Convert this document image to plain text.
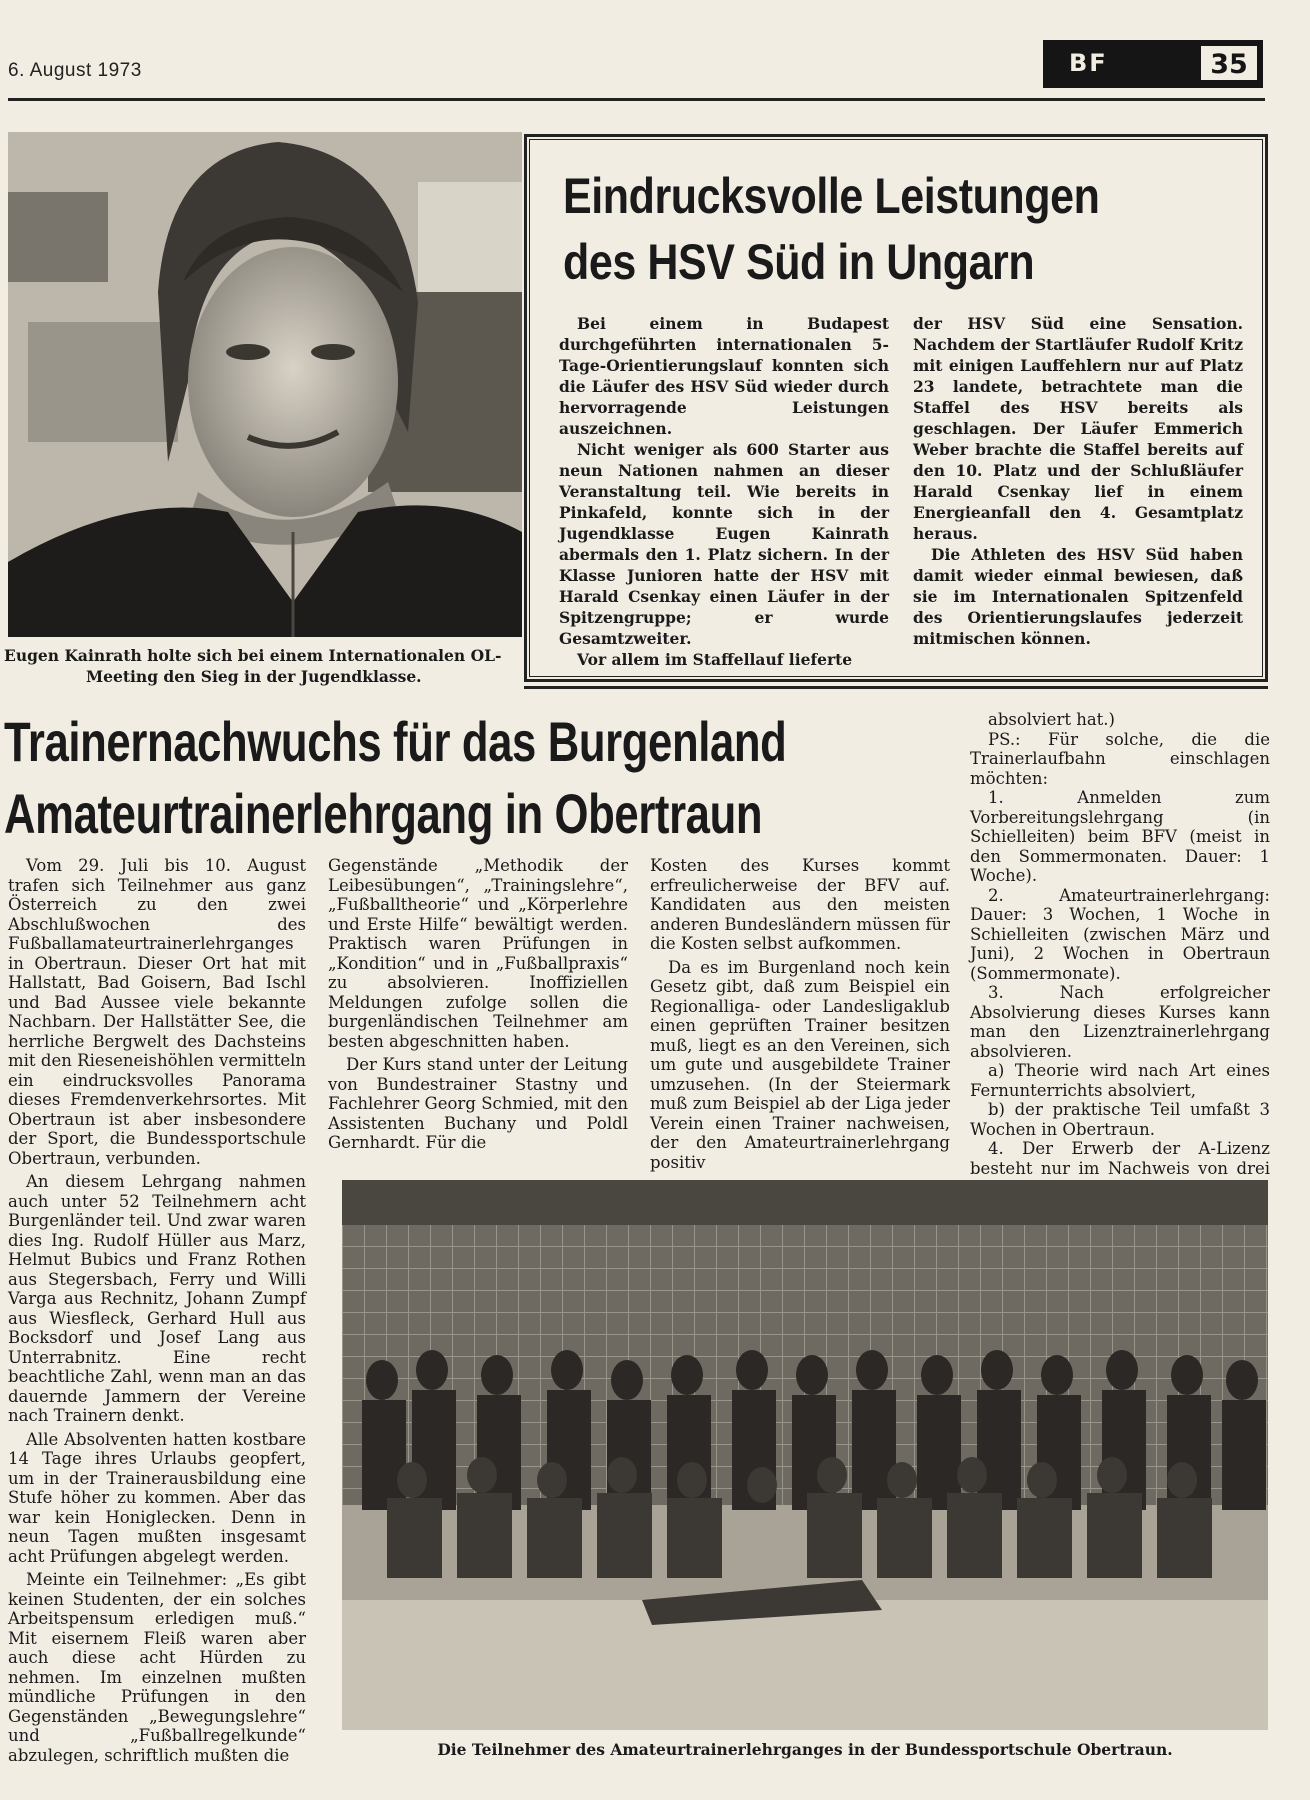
6. August 1973	BF	35
Eugen Kainrath holte sich bei einem Internationalen OL-
Meeting den Sieg in der Jugendklasse.
Eindrucksvolle Leistungen
des HSV Süd in Ungarn

Bei einem in Budapest durchgeführten internationalen 5-Tage-Orientierungslauf konnten sich die Läufer des HSV Süd wieder durch hervorragende Leistungen auszeichnen.

Nicht weniger als 600 Starter aus neun Nationen nahmen an dieser Veranstaltung teil. Wie bereits in Pinkafeld, konnte sich in der Jugendklasse Eugen Kainrath abermals den 1. Platz sichern. In der Klasse Junioren hatte der HSV mit Harald Csenkay einen Läufer in der Spitzengruppe; er wurde Gesamtzweiter.

Vor allem im Staffellauf lieferte

der HSV Süd eine Sensation. Nachdem der Startläufer Rudolf Kritz mit einigen Lauffehlern nur auf Platz 23 landete, betrachtete man die Staffel des HSV bereits als geschlagen. Der Läufer Emmerich Weber brachte die Staffel bereits auf den 10. Platz und der Schlußläufer Harald Csenkay lief in einem Energieanfall den 4. Gesamtplatz heraus.

Die Athleten des HSV Süd haben damit wieder einmal bewiesen, daß sie im Internationalen Spitzenfeld des Orientierungslaufes jederzeit mitmischen können.

Trainernachwuchs für das Burgenland
Amateurtrainerlehrgang in Obertraun

Vom 29. Juli bis 10. August trafen sich Teilnehmer aus ganz Österreich zu den zwei Abschlußwochen des Fußballamateurtrainerlehrganges in Obertraun. Dieser Ort hat mit Hallstatt, Bad Goisern, Bad Ischl und Bad Aussee viele bekannte Nachbarn. Der Hallstätter See, die herrliche Bergwelt des Dachsteins mit den Rieseneishöhlen vermitteln ein eindrucksvolles Panorama dieses Fremdenverkehrsortes. Mit Obertraun ist aber insbesondere der Sport, die Bundessportschule Obertraun, verbunden.

An diesem Lehrgang nahmen auch unter 52 Teilnehmern acht Burgenländer teil. Und zwar waren dies Ing. Rudolf Hüller aus Marz, Helmut Bubics und Franz Rothen aus Stegersbach, Ferry und Willi Varga aus Rechnitz, Johann Zumpf aus Wiesfleck, Gerhard Hull aus Bocksdorf und Josef Lang aus Unterrabnitz. Eine recht beachtliche Zahl, wenn man an das dauernde Jammern der Vereine nach Trainern denkt.

Alle Absolventen hatten kostbare 14 Tage ihres Urlaubs geopfert, um in der Trainerausbildung eine Stufe höher zu kommen. Aber das war kein Honiglecken. Denn in neun Tagen mußten insgesamt acht Prüfungen abgelegt werden.

Meinte ein Teilnehmer: „Es gibt keinen Studenten, der ein solches Arbeitspensum erledigen muß.“ Mit eisernem Fleiß waren aber auch diese acht Hürden zu nehmen. Im einzelnen mußten mündliche Prüfungen in den Gegenständen „Bewegungslehre“ und „Fußballregelkunde“ abzulegen, schriftlich mußten die

Gegenstände „Methodik der Leibesübungen“, „Trainingslehre“, „Fußballtheorie“ und „Körperlehre und Erste Hilfe“ bewältigt werden. Praktisch waren Prüfungen in „Kondition“ und in „Fußballpraxis“ zu absolvieren. Inoffiziellen Meldungen zufolge sollen die burgenländischen Teilnehmer am besten abgeschnitten haben.

Der Kurs stand unter der Leitung von Bundestrainer Stastny und Fachlehrer Georg Schmied, mit den Assistenten Buchany und Poldl Gernhardt. Für die

Kosten des Kurses kommt erfreulicherweise der BFV auf. Kandidaten aus den meisten anderen Bundesländern müssen für die Kosten selbst aufkommen.

Da es im Burgenland noch kein Gesetz gibt, daß zum Beispiel ein Regionalliga- oder Landesligaklub einen geprüften Trainer besitzen muß, liegt es an den Vereinen, sich um gute und ausgebildete Trainer umzusehen. (In der Steiermark muß zum Beispiel ab der Liga jeder Verein einen Trainer nachweisen, der den Amateurtrainerlehrgang positiv

absolviert hat.)

PS.: Für solche, die die Trainerlaufbahn einschlagen möchten:

1. Anmelden zum Vorbereitungslehrgang (in Schielleiten) beim BFV (meist in den Sommermonaten. Dauer: 1 Woche).

2. Amateurtrainerlehrgang: Dauer: 3 Wochen, 1 Woche in Schielleiten (zwischen März und Juni), 2 Wochen in Obertraun (Sommermonate).

3. Nach erfolgreicher Absolvierung dieses Kurses kann man den Lizenztrainerlehrgang absolvieren.

a) Theorie wird nach Art eines Fernunterrichts absolviert,

b) der praktische Teil umfaßt 3 Wochen in Obertraun.

4. Der Erwerb der A-Lizenz besteht nur im Nachweis von drei

Die Teilnehmer des Amateurtrainerlehrganges in der Bundessportschule Obertraun.
